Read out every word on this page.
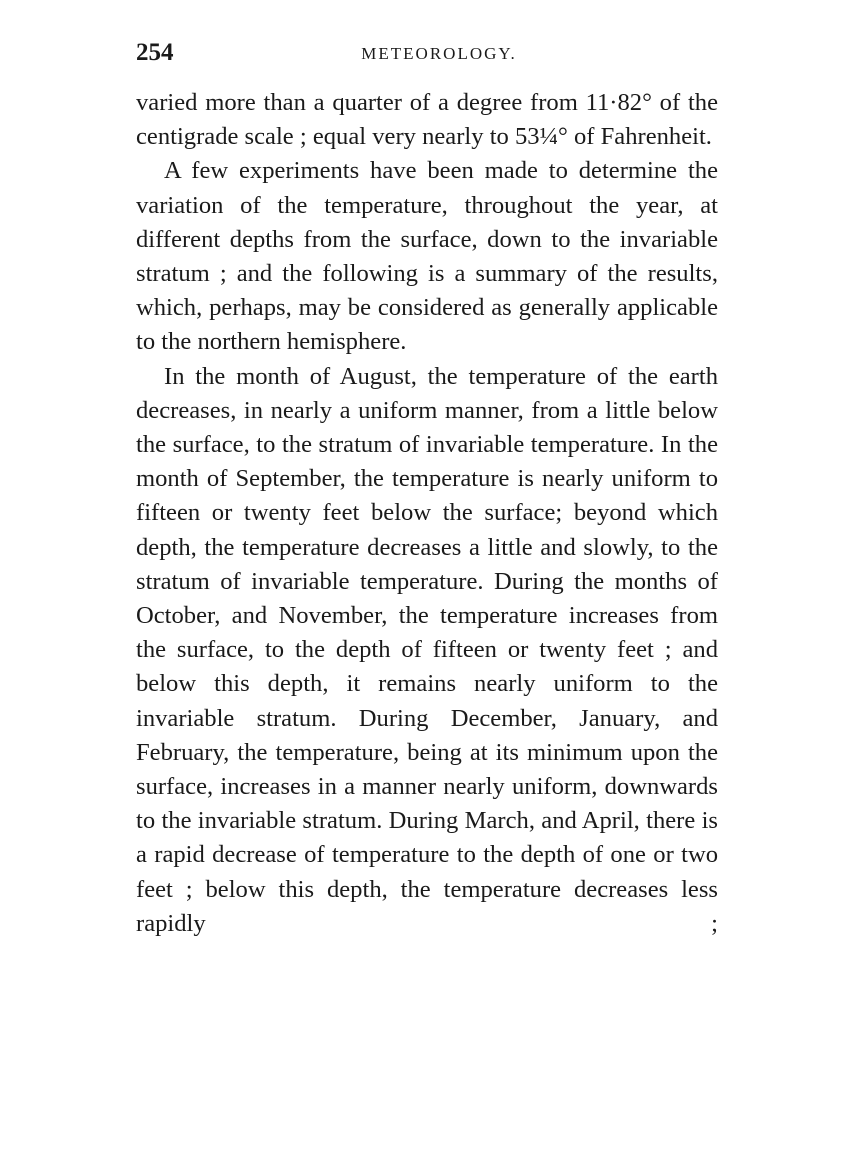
254	METEOROLOGY.

varied more than a quarter of a degree from 11·82° of the centigrade scale ; equal very nearly to 53¼° of Fahrenheit.

A few experiments have been made to determine the variation of the temperature, throughout the year, at different depths from the surface, down to the invariable stratum ; and the following is a summary of the results, which, perhaps, may be considered as generally applicable to the northern hemisphere.

In the month of August, the temperature of the earth decreases, in nearly a uniform manner, from a little below the surface, to the stratum of invariable temperature. In the month of September, the temperature is nearly uniform to fifteen or twenty feet below the surface; beyond which depth, the temperature decreases a little and slowly, to the stratum of invariable temperature. During the months of October, and November, the temperature increases from the surface, to the depth of fifteen or twenty feet ; and below this depth, it remains nearly uniform to the invariable stratum. During December, January, and February, the temperature, being at its minimum upon the surface, increases in a manner nearly uniform, downwards to the invariable stratum. During March, and April, there is a rapid decrease of temperature to the depth of one or two feet ; below this depth, the temperature decreases less rapidly ;
